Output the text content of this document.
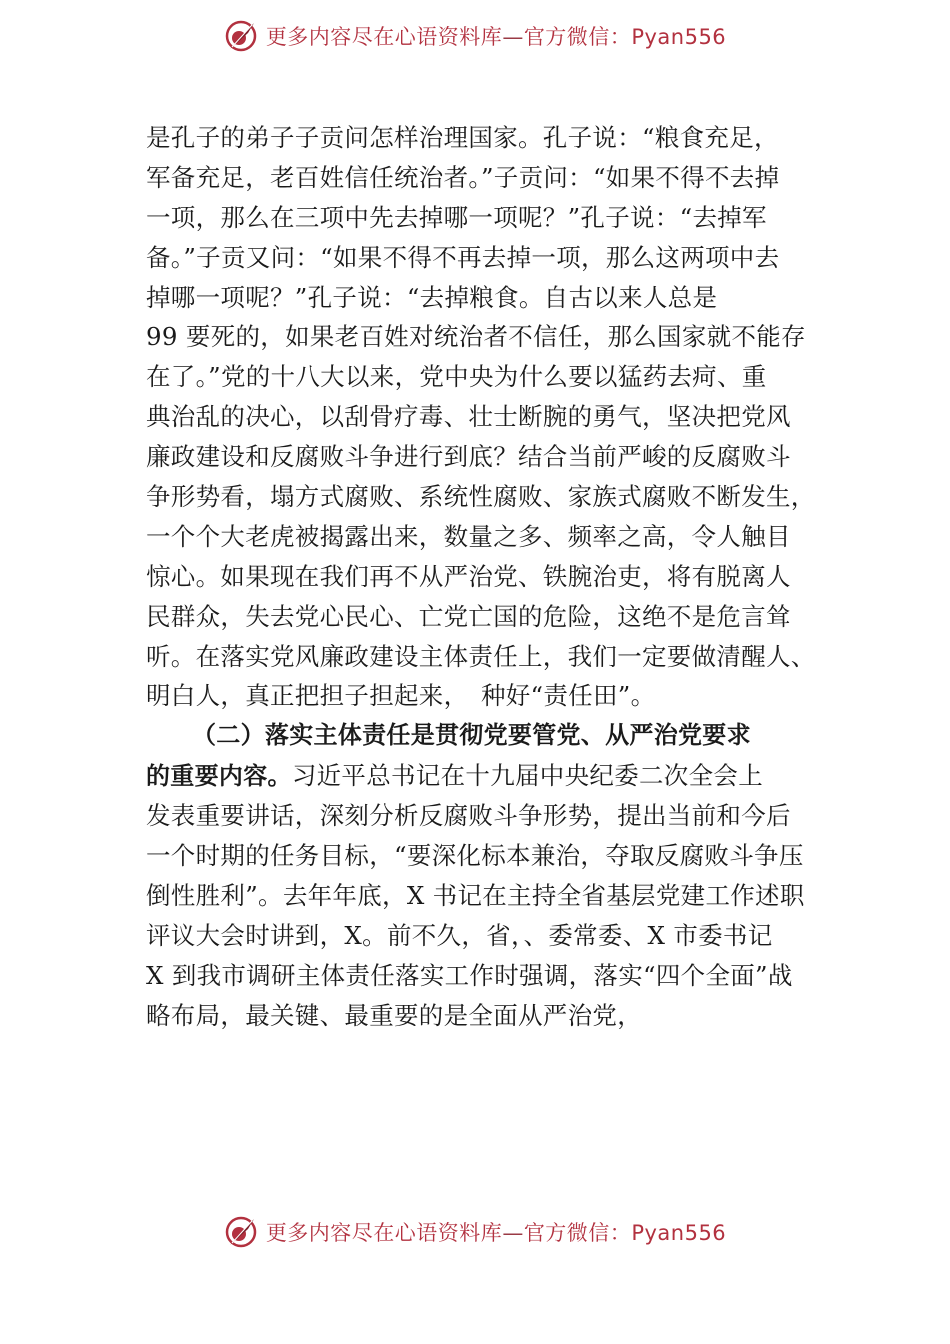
更多内容尽在心语资料库—官方微信：Pyan556
是孔子的弟子子贡问怎样治理国家。孔子说：“粮食充足，
军备充足，老百姓信任统治者。”子贡问：“如果不得不去掉
一项，那么在三项中先去掉哪一项呢？”孔子说：“去掉军
备。”子贡又问：“如果不得不再去掉一项，那么这两项中去
掉哪一项呢？”孔子说：“去掉粮食。自古以来人总是
99 要死的，如果老百姓对统治者不信任，那么国家就不能存
在了。”党的十八大以来，党中央为什么要以猛药去疴、重
典治乱的决心，以刮骨疗毒、壮士断腕的勇气，坚决把党风
廉政建设和反腐败斗争进行到底？结合当前严峻的反腐败斗
争形势看，塌方式腐败、系统性腐败、家族式腐败不断发生，
一个个大老虎被揭露出来，数量之多、频率之高，令人触目
惊心。如果现在我们再不从严治党、铁腕治吏，将有脱离人
民群众，失去党心民心、亡党亡国的危险，这绝不是危言耸
听。在落实党风廉政建设主体责任上，我们一定要做清醒人、
明白人，真正把担子担起来，　种好“责任田”。
（二）落实主体责任是贯彻党要管党、从严治党要求
的重要内容。习近平总书记在十九届中央纪委二次全会上
发表重要讲话，深刻分析反腐败斗争形势，提出当前和今后
一个时期的任务目标，“要深化标本兼治，夺取反腐败斗争压
倒性胜利”。去年年底，X 书记在主持全省基层党建工作述职
评议大会时讲到，X。前不久，省，、委常委、X 市委书记
X 到我市调研主体责任落实工作时强调，落实“四个全面”战
略布局，最关键、最重要的是全面从严治党，
更多内容尽在心语资料库—官方微信：Pyan556
